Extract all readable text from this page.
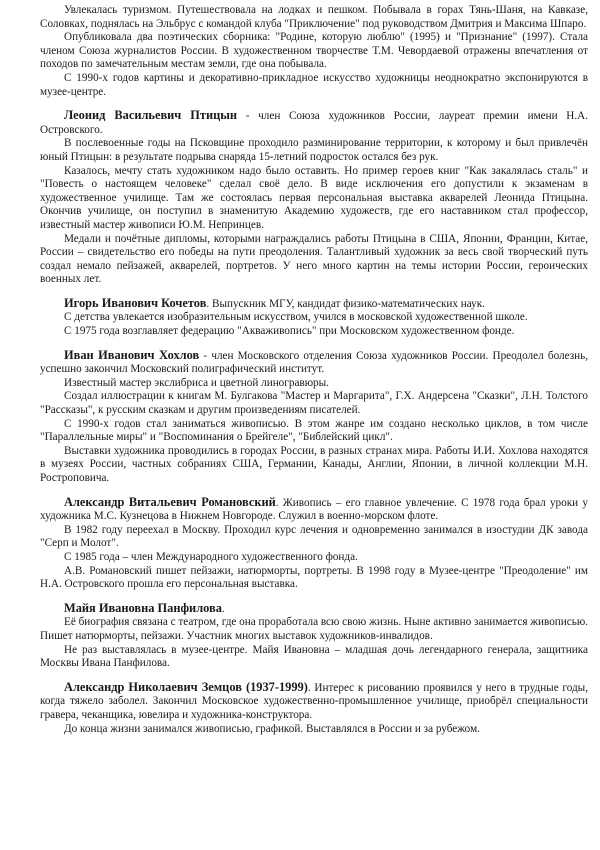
Увлекалась туризмом. Путешествовала на лодках и пешком. Побывала в горах Тянь-Шаня, на Кавказе, Соловках, поднялась на Эльбрус с командой клуба "Приключение" под руководством Дмитрия и Максима Шпаро.

Опубликовала два поэтических сборника: "Родине, которую люблю" (1995) и "Признание" (1997). Стала членом Союза журналистов России. В художественном творчестве Т.М. Чевордаевой отражены впечатления от походов по замечательным местам земли, где она побывала.

С 1990-х годов картины и декоративно-прикладное искусство художницы неоднократно экспонируются в музее-центре.

Леонид Васильевич Птицын - член Союза художников России, лауреат премии имени Н.А. Островского.

В послевоенные годы на Псковщине проходило разминирование территории, к которому и был привлечён юный Птицын: в результате подрыва снаряда 15-летний подросток остался без рук.

Казалось, мечту стать художником надо было оставить. Но пример героев книг "Как закалялась сталь" и "Повесть о настоящем человеке" сделал своё дело. В виде исключения его допустили к экзаменам в художественное училище. Там же состоялась первая персональная выставка акварелей Леонида Птицына. Окончив училище, он поступил в знаменитую Академию художеств, где его наставником стал профессор, известный мастер живописи Ю.М. Непринцев.

Медали и почётные дипломы, которыми награждались работы Птицына в США, Японии, Франции, Китае, России – свидетельство его победы на пути преодоления. Талантливый художник за весь свой творческий путь создал немало пейзажей, акварелей, портретов. У него много картин на темы истории России, героических военных лет.

Игорь Иванович Кочетов. Выпускник МГУ, кандидат физико-математических наук.

С детства увлекается изобразительным искусством, учился в московской художественной школе.

С 1975 года возглавляет федерацию "Акваживопись" при Московском художественном фонде.

Иван Иванович Хохлов - член Московского отделения Союза художников России. Преодолел болезнь, успешно закончил Московский полиграфический институт.

Известный мастер экслибриса и цветной линогравюры.

Создал иллюстрации к книгам М. Булгакова "Мастер и Маргарита", Г.Х. Андерсена "Сказки", Л.Н. Толстого "Рассказы", к русским сказкам и другим произведениям писателей.

С 1990-х годов стал заниматься живописью. В этом жанре им создано несколько циклов, в том числе "Параллельные миры" и "Воспоминания о Брейгеле", "Библейский цикл".

Выставки художника проводились в городах России, в разных странах мира. Работы И.И. Хохлова находятся в музеях России, частных собраниях США, Германии, Канады, Англии, Японии, в личной коллекции М.Н. Ростроповича.

Александр Витальевич Романовский. Живопись – его главное увлечение. С 1978 года брал уроки у художника М.С. Кузнецова в Нижнем Новгороде. Служил в военно-морском флоте.

В 1982 году переехал в Москву. Проходил курс лечения и одновременно занимался в изостудии ДК завода "Серп и Молот".

С 1985 года – член Международного художественного фонда.

А.В. Романовский пишет пейзажи, натюрморты, портреты. В 1998 году в Музее-центре "Преодоление" им Н.А. Островского прошла его персональная выставка.

Майя Ивановна Панфилова.

Её биография связана с театром, где она проработала всю свою жизнь. Ныне активно занимается живописью. Пишет натюрморты, пейзажи. Участник многих выставок художников-инвалидов.

Не раз выставлялась в музее-центре. Майя Ивановна – младшая дочь легендарного генерала, защитника Москвы Ивана Панфилова.

Александр Николаевич Земцов (1937-1999). Интерес к рисованию проявился у него в трудные годы, когда тяжело заболел. Закончил Московское художественно-промышленное училище, приобрёл специальности гравера, чеканщика, ювелира и художника-конструктора.

До конца жизни занимался живописью, графикой. Выставлялся в России и за рубежом.
